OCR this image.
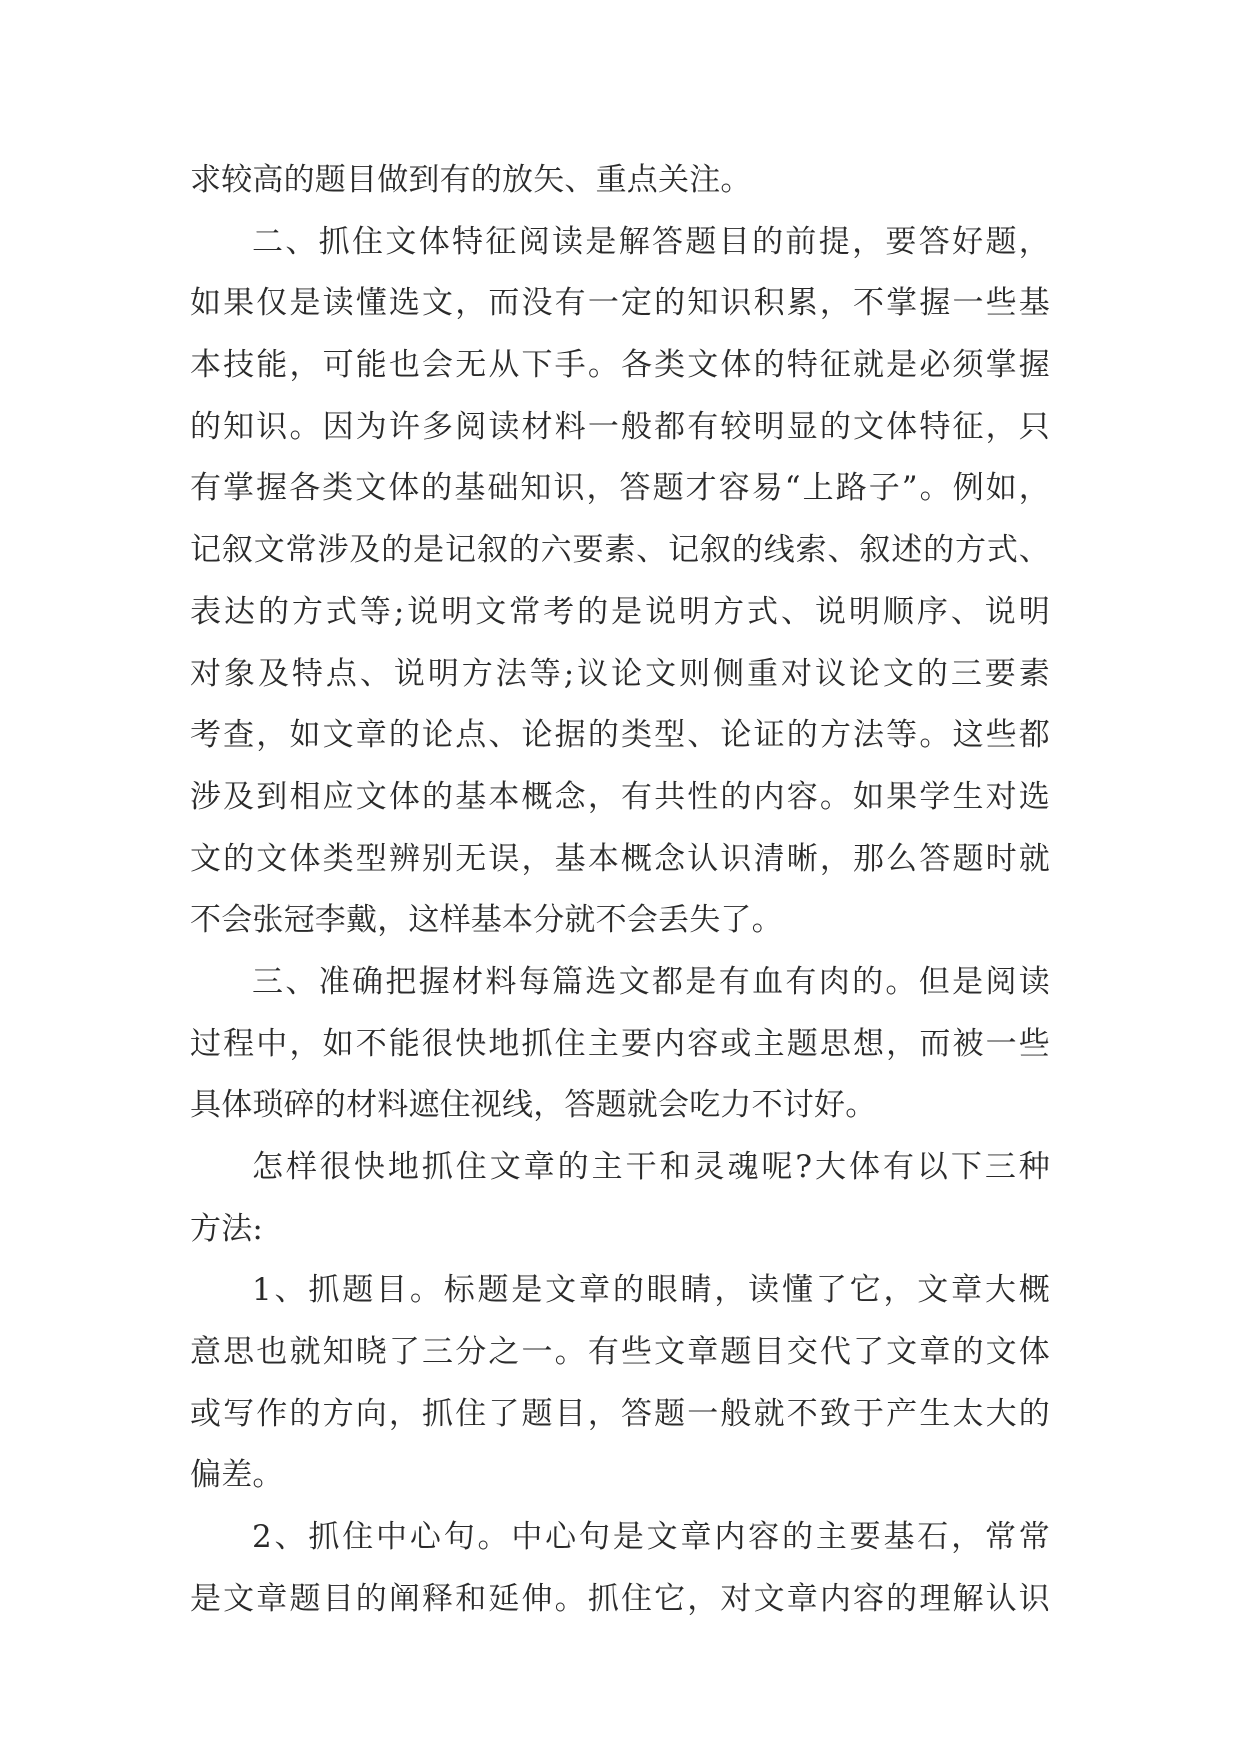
求较高的题目做到有的放矢、重点关注。
二、抓住文体特征阅读是解答题目的前提，要答好题，
如果仅是读懂选文，而没有一定的知识积累，不掌握一些基
本技能，可能也会无从下手。各类文体的特征就是必须掌握
的知识。因为许多阅读材料一般都有较明显的文体特征，只
有掌握各类文体的基础知识，答题才容易“上路子”。例如，
记叙文常涉及的是记叙的六要素、记叙的线索、叙述的方式、
表达的方式等;说明文常考的是说明方式、说明顺序、说明
对象及特点、说明方法等;议论文则侧重对议论文的三要素
考查，如文章的论点、论据的类型、论证的方法等。这些都
涉及到相应文体的基本概念，有共性的内容。如果学生对选
文的文体类型辨别无误，基本概念认识清晰，那么答题时就
不会张冠李戴，这样基本分就不会丢失了。
三、准确把握材料每篇选文都是有血有肉的。但是阅读
过程中，如不能很快地抓住主要内容或主题思想，而被一些
具体琐碎的材料遮住视线，答题就会吃力不讨好。
怎样很快地抓住文章的主干和灵魂呢?大体有以下三种
方法:
1、抓题目。标题是文章的眼睛，读懂了它，文章大概
意思也就知晓了三分之一。有些文章题目交代了文章的文体
或写作的方向，抓住了题目，答题一般就不致于产生太大的
偏差。
2、抓住中心句。中心句是文章内容的主要基石，常常
是文章题目的阐释和延伸。抓住它，对文章内容的理解认识
